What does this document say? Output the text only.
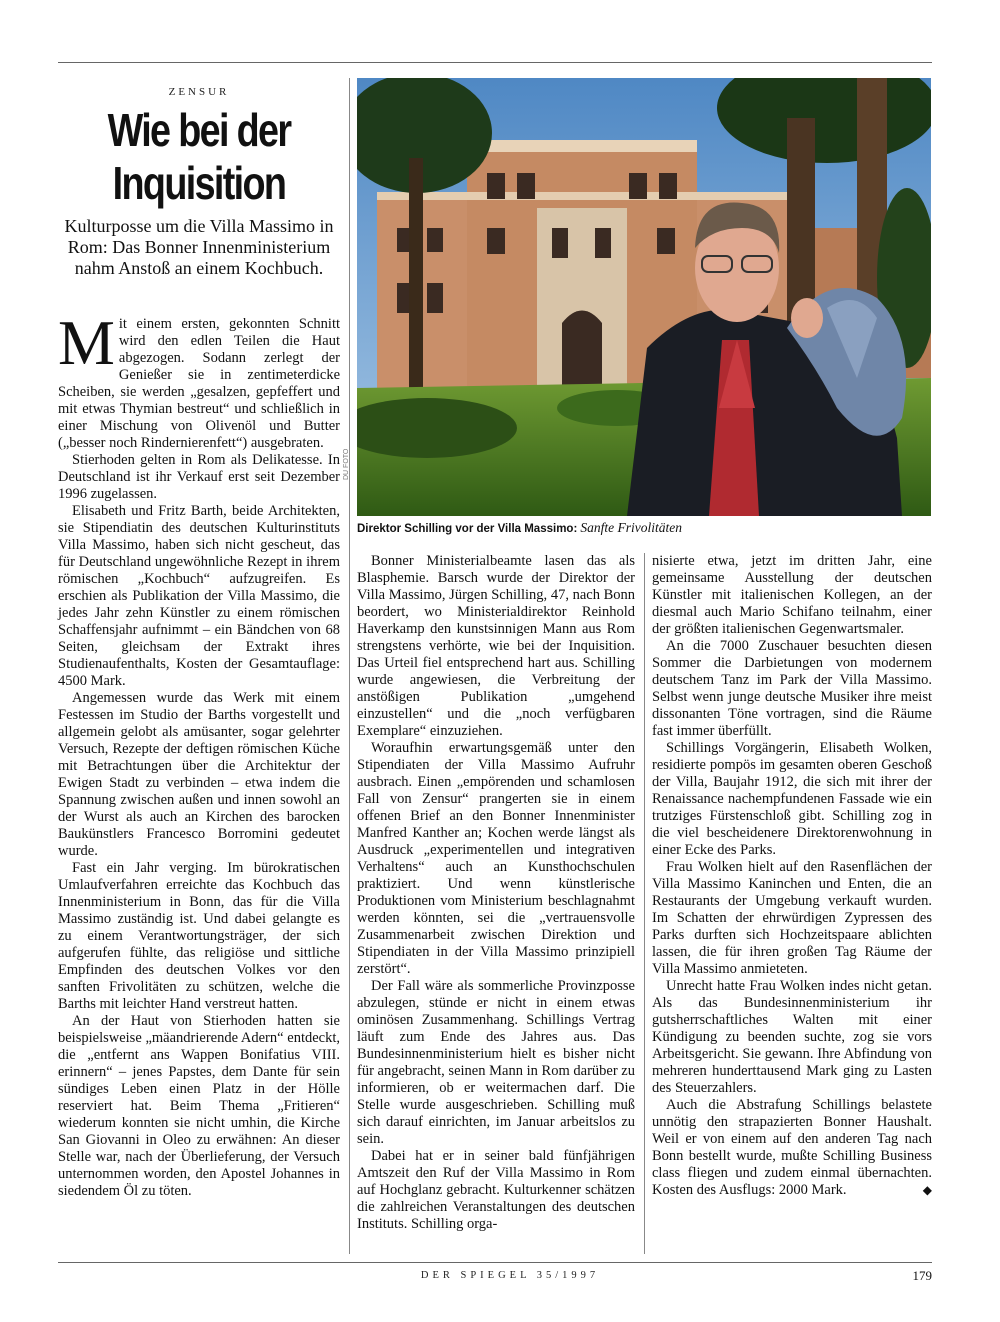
ZENSUR
Wie bei der Inquisition

Kulturposse um die Villa Massimo in Rom: Das Bonner Innenministerium nahm Anstoß an einem Kochbuch.

Mit einem ersten, gekonnten Schnitt wird den edlen Teilen die Haut abgezogen. Sodann zerlegt der Genießer sie in zentimeterdicke Scheiben, sie werden „gesalzen, gepfeffert und mit etwas Thymian bestreut“ und schließlich in einer Mischung von Olivenöl und Butter („besser noch Rindernierenfett“) ausgebraten.

Stierhoden gelten in Rom als Delikatesse. In Deutschland ist ihr Verkauf erst seit Dezember 1996 zugelassen.

Elisabeth und Fritz Barth, beide Architekten, sie Stipendiatin des deutschen Kulturinstituts Villa Massimo, haben sich nicht gescheut, das für Deutschland ungewöhnliche Rezept in ihrem römischen „Kochbuch“ aufzugreifen. Es erschien als Publikation der Villa Massimo, die jedes Jahr zehn Künstler zu einem römischen Schaffensjahr aufnimmt – ein Bändchen von 68 Seiten, gleichsam der Extrakt ihres Studienaufenthalts, Kosten der Gesamtauflage: 4500 Mark.

Angemessen wurde das Werk mit einem Festessen im Studio der Barths vorgestellt und allgemein gelobt als amüsanter, sogar gelehrter Versuch, Rezepte der deftigen römischen Küche mit Betrachtungen über die Architektur der Ewigen Stadt zu verbinden – etwa indem die Spannung zwischen außen und innen sowohl an der Wurst als auch an Kirchen des barocken Baukünstlers Francesco Borromini gedeutet wurde.

Fast ein Jahr verging. Im bürokratischen Umlaufverfahren erreichte das Kochbuch das Innenministerium in Bonn, das für die Villa Massimo zuständig ist. Und dabei gelangte es zu einem Verantwortungsträger, der sich aufgerufen fühlte, das religiöse und sittliche Empfinden des deutschen Volkes vor den sanften Frivolitäten zu schützen, welche die Barths mit leichter Hand verstreut hatten.

An der Haut von Stierhoden hatten sie beispielsweise „mäandrierende Adern“ entdeckt, die „entfernt ans Wappen Bonifatius VIII. erinnern“ – jenes Papstes, dem Dante für sein sündiges Leben einen Platz in der Hölle reserviert hat. Beim Thema „Fritieren“ wiederum konnten sie nicht umhin, die Kirche San Giovanni in Oleo zu erwähnen: An dieser Stelle war, nach der Überlieferung, der Versuch unternommen worden, den Apostel Johannes in siedendem Öl zu töten.

DU FOTO
Direktor Schilling vor der Villa Massimo: Sanfte Frivolitäten

Bonner Ministerialbeamte lasen das als Blasphemie. Barsch wurde der Direktor der Villa Massimo, Jürgen Schilling, 47, nach Bonn beordert, wo Ministerialdirektor Reinhold Haverkamp den kunstsinnigen Mann aus Rom strengstens verhörte, wie bei der Inquisition. Das Urteil fiel entsprechend hart aus. Schilling wurde angewiesen, die Verbreitung der anstößigen Publikation „umgehend einzustellen“ und die „noch verfügbaren Exemplare“ einzuziehen.

Woraufhin erwartungsgemäß unter den Stipendiaten der Villa Massimo Aufruhr ausbrach. Einen „empörenden und schamlosen Fall von Zensur“ prangerten sie in einem offenen Brief an den Bonner Innenminister Manfred Kanther an; Kochen werde längst als Ausdruck „experimentellen und integrativen Verhaltens“ auch an Kunsthochschulen praktiziert. Und wenn künstlerische Produktionen vom Ministerium beschlagnahmt werden könnten, sei die „vertrauensvolle Zusammenarbeit zwischen Direktion und Stipendiaten in der Villa Massimo prinzipiell zerstört“.

Der Fall wäre als sommerliche Provinzposse abzulegen, stünde er nicht in einem etwas ominösen Zusammenhang. Schillings Vertrag läuft zum Ende des Jahres aus. Das Bundesinnenministerium hielt es bisher nicht für angebracht, seinen Mann in Rom darüber zu informieren, ob er weitermachen darf. Die Stelle wurde ausgeschrieben. Schilling muß sich darauf einrichten, im Januar arbeitslos zu sein.

Dabei hat er in seiner bald fünfjährigen Amtszeit den Ruf der Villa Massimo in Rom auf Hochglanz gebracht. Kulturkenner schätzen die zahlreichen Veranstaltungen des deutschen Instituts. Schilling orga-

nisierte etwa, jetzt im dritten Jahr, eine gemeinsame Ausstellung der deutschen Künstler mit italienischen Kollegen, an der diesmal auch Mario Schifano teilnahm, einer der größten italienischen Gegenwartsmaler.

An die 7000 Zuschauer besuchten diesen Sommer die Darbietungen von modernem deutschem Tanz im Park der Villa Massimo. Selbst wenn junge deutsche Musiker ihre meist dissonanten Töne vortragen, sind die Räume fast immer überfüllt.

Schillings Vorgängerin, Elisabeth Wolken, residierte pompös im gesamten oberen Geschoß der Villa, Baujahr 1912, die sich mit ihrer der Renaissance nachempfundenen Fassade wie ein trutziges Fürstenschloß gibt. Schilling zog in die viel bescheidenere Direktorenwohnung in einer Ecke des Parks.

Frau Wolken hielt auf den Rasenflächen der Villa Massimo Kaninchen und Enten, die an Restaurants der Umgebung verkauft wurden. Im Schatten der ehrwürdigen Zypressen des Parks durften sich Hochzeitspaare ablichten lassen, die für ihren großen Tag Räume der Villa Massimo anmieteten.

Unrecht hatte Frau Wolken indes nicht getan. Als das Bundesinnenministerium ihr gutsherrschaftliches Walten mit einer Kündigung zu beenden suchte, zog sie vors Arbeitsgericht. Sie gewann. Ihre Abfindung von mehreren hunderttausend Mark ging zu Lasten des Steuerzahlers.

Auch die Abstrafung Schillings belastete unnötig den strapazierten Bonner Haushalt. Weil er von einem auf den anderen Tag nach Bonn bestellt wurde, mußte Schilling Business class fliegen und zudem einmal übernachten. Kosten des Ausflugs: 2000 Mark.	◆

DER SPIEGEL 35/1997	179
